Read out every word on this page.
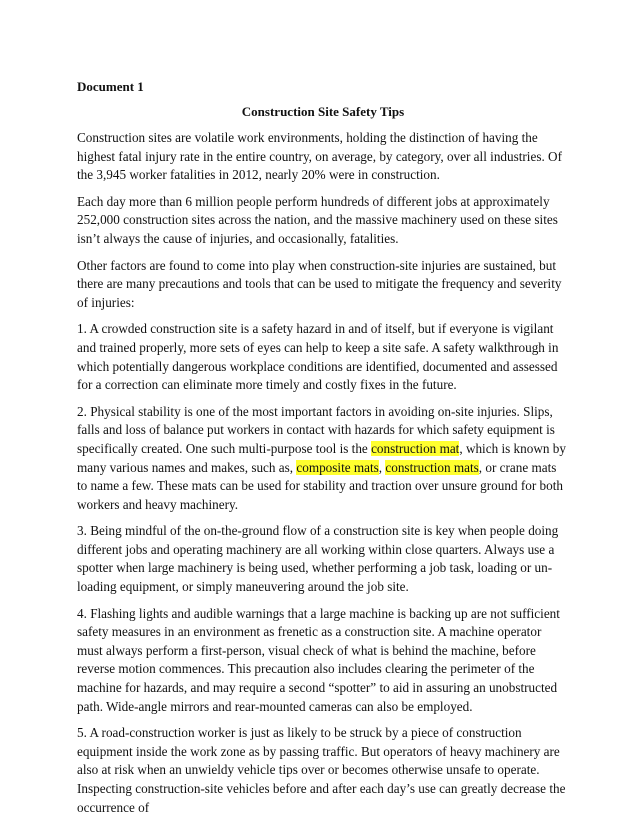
Document 1
Construction Site Safety Tips

Construction sites are volatile work environments, holding the distinction of having the highest fatal injury rate in the entire country, on average, by category, over all industries. Of the 3,945 worker fatalities in 2012, nearly 20% were in construction.

Each day more than 6 million people perform hundreds of different jobs at approximately 252,000 construction sites across the nation, and the massive machinery used on these sites isn’t always the cause of injuries, and occasionally, fatalities.

Other factors are found to come into play when construction-site injuries are sustained, but there are many precautions and tools that can be used to mitigate the frequency and severity of injuries:

1. A crowded construction site is a safety hazard in and of itself, but if everyone is vigilant and trained properly, more sets of eyes can help to keep a site safe. A safety walkthrough in which potentially dangerous workplace conditions are identified, documented and assessed for a correction can eliminate more timely and costly fixes in the future.

2. Physical stability is one of the most important factors in avoiding on-site injuries. Slips, falls and loss of balance put workers in contact with hazards for which safety equipment is specifically created. One such multi-purpose tool is the construction mat, which is known by many various names and makes, such as, composite mats, construction mats, or crane mats to name a few. These mats can be used for stability and traction over unsure ground for both workers and heavy machinery.

3. Being mindful of the on-the-ground flow of a construction site is key when people doing different jobs and operating machinery are all working within close quarters. Always use a spotter when large machinery is being used, whether performing a job task, loading or un-loading equipment, or simply maneuvering around the job site.

4. Flashing lights and audible warnings that a large machine is backing up are not sufficient safety measures in an environment as frenetic as a construction site. A machine operator must always perform a first-person, visual check of what is behind the machine, before reverse motion commences. This precaution also includes clearing the perimeter of the machine for hazards, and may require a second “spotter” to aid in assuring an unobstructed path. Wide-angle mirrors and rear-mounted cameras can also be employed.

5. A road-construction worker is just as likely to be struck by a piece of construction equipment inside the work zone as by passing traffic. But operators of heavy machinery are also at risk when an unwieldy vehicle tips over or becomes otherwise unsafe to operate. Inspecting construction-site vehicles before and after each day’s use can greatly decrease the occurrence of
